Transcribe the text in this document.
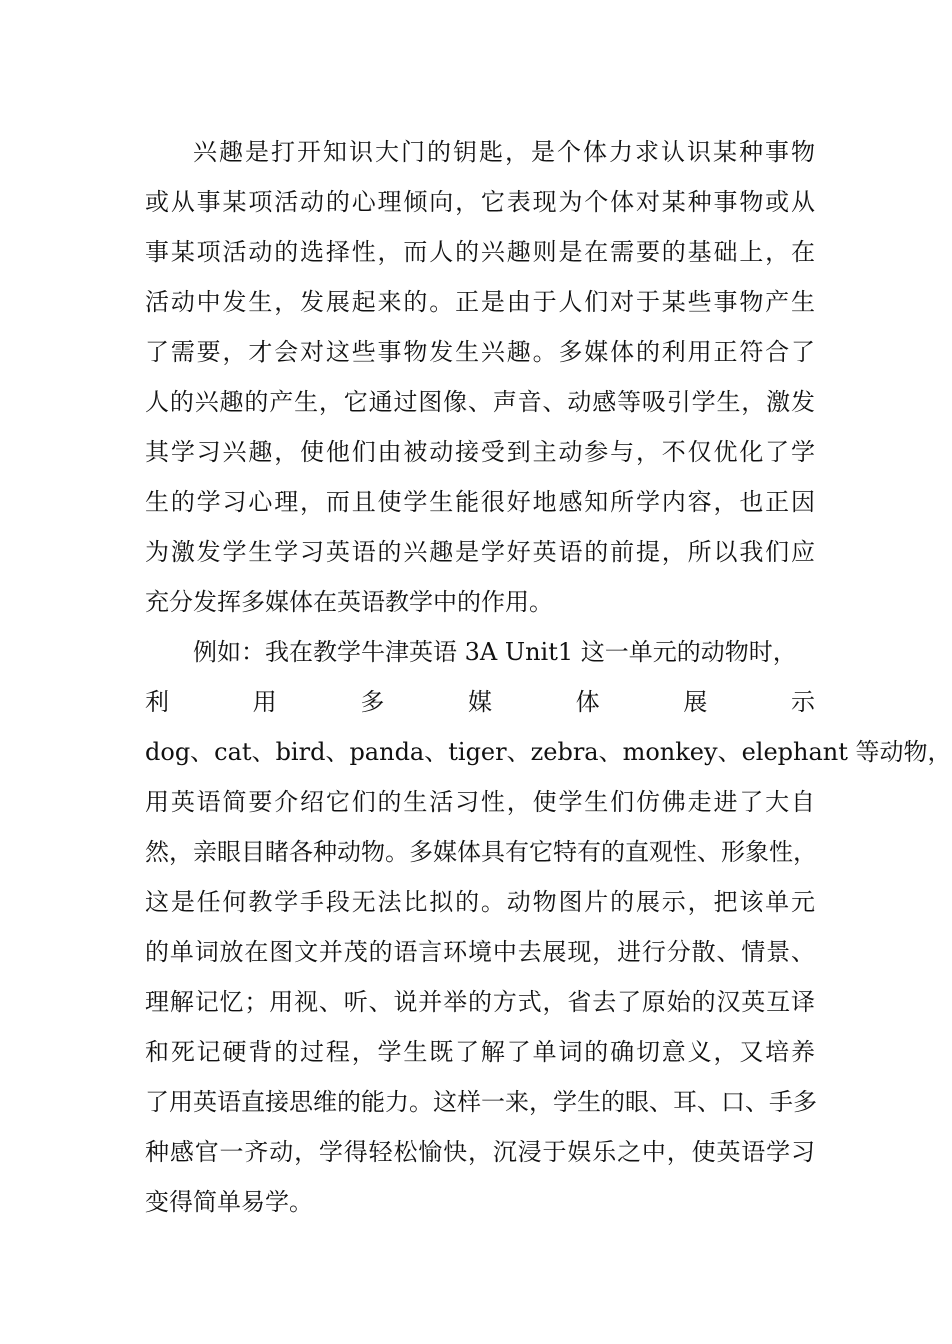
兴趣是打开知识大门的钥匙，是个体力求认识某种事物
或从事某项活动的心理倾向，它表现为个体对某种事物或从
事某项活动的选择性，而人的兴趣则是在需要的基础上，在
活动中发生，发展起来的。正是由于人们对于某些事物产生
了需要，才会对这些事物发生兴趣。多媒体的利用正符合了
人的兴趣的产生，它通过图像、声音、动感等吸引学生，激发
其学习兴趣，使他们由被动接受到主动参与，不仅优化了学
生的学习心理，而且使学生能很好地感知所学内容，也正因
为激发学生学习英语的兴趣是学好英语的前提，所以我们应
充分发挥多媒体在英语教学中的作用。
例如：我在教学牛津英语 3A Unit1 这一单元的动物时，
利　用　多　媒　体　展　示
dog、cat、bird、panda、tiger、zebra、monkey、elephant 等动物，
用英语简要介绍它们的生活习性，使学生们仿佛走进了大自
然，亲眼目睹各种动物。多媒体具有它特有的直观性、形象性，
这是任何教学手段无法比拟的。动物图片的展示，把该单元
的单词放在图文并茂的语言环境中去展现，进行分散、情景、
理解记忆；用视、听、说并举的方式，省去了原始的汉英互译
和死记硬背的过程，学生既了解了单词的确切意义，又培养
了用英语直接思维的能力。这样一来，学生的眼、耳、口、手多
种感官一齐动，学得轻松愉快，沉浸于娱乐之中，使英语学习
变得简单易学。
